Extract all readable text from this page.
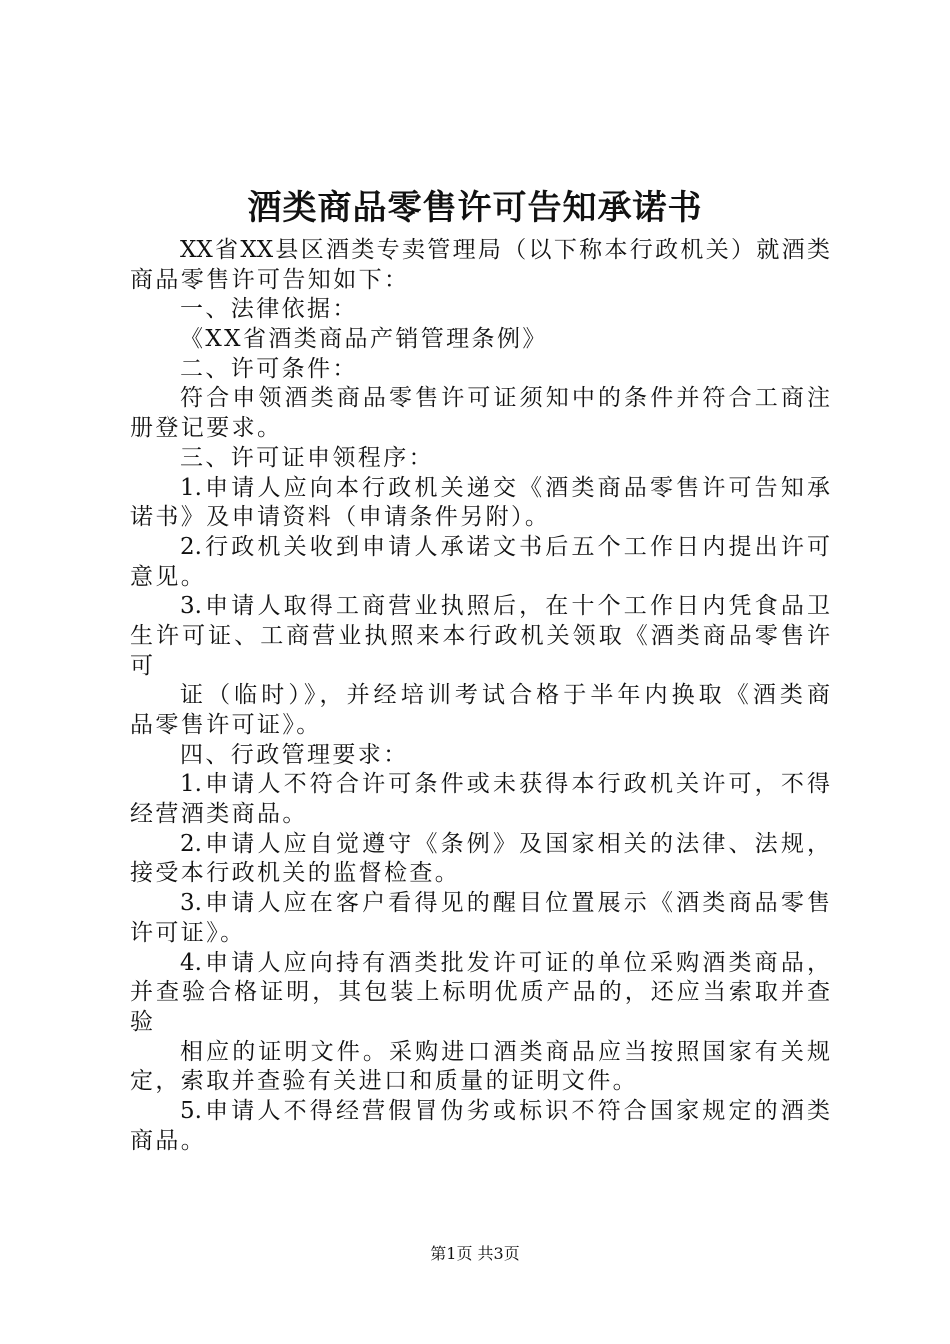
酒类商品零售许可告知承诺书
XX省XX县区酒类专卖管理局（以下称本行政机关）就酒类
商品零售许可告知如下：
一、法律依据：
《XX省酒类商品产销管理条例》
二、许可条件：
符合申领酒类商品零售许可证须知中的条件并符合工商注
册登记要求。
三、许可证申领程序：
1.申请人应向本行政机关递交《酒类商品零售许可告知承
诺书》及申请资料（申请条件另附）。
2.行政机关收到申请人承诺文书后五个工作日内提出许可
意见。
3.申请人取得工商营业执照后，在十个工作日内凭食品卫
生许可证、工商营业执照来本行政机关领取《酒类商品零售许
可
证（临时）》，并经培训考试合格于半年内换取《酒类商
品零售许可证》。
四、行政管理要求：
1.申请人不符合许可条件或未获得本行政机关许可，不得
经营酒类商品。
2.申请人应自觉遵守《条例》及国家相关的法律、法规，
接受本行政机关的监督检查。
3.申请人应在客户看得见的醒目位置展示《酒类商品零售
许可证》。
4.申请人应向持有酒类批发许可证的单位采购酒类商品，
并查验合格证明，其包装上标明优质产品的，还应当索取并查
验
相应的证明文件。采购进口酒类商品应当按照国家有关规
定，索取并查验有关进口和质量的证明文件。
5.申请人不得经营假冒伪劣或标识不符合国家规定的酒类
商品。
第1页 共3页
